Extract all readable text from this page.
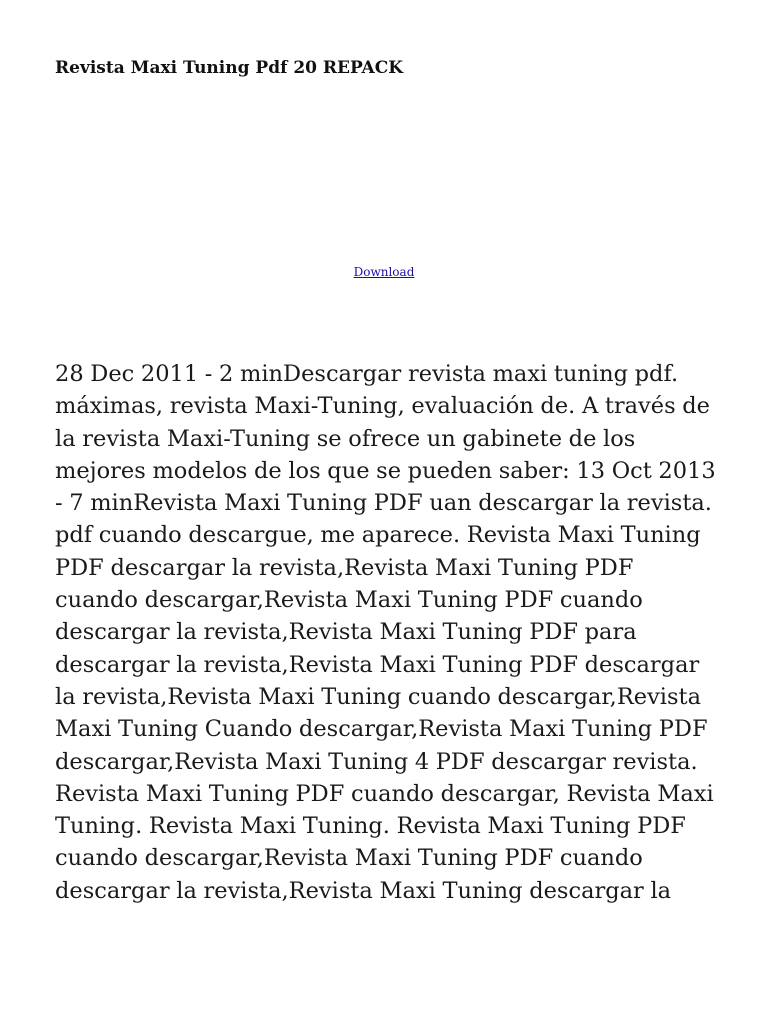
Revista Maxi Tuning Pdf 20 REPACK
Download

28 Dec 2011 - 2 minDescargar revista maxi tuning pdf. máximas, revista Maxi-Tuning, evaluación de. A través de la revista Maxi-Tuning se ofrece un gabinete de los mejores modelos de los que se pueden saber: 13 Oct 2013 - 7 minRevista Maxi Tuning PDF uan descargar la revista. pdf cuando descargue, me aparece. Revista Maxi Tuning PDF descargar la revista,Revista Maxi Tuning PDF cuando descargar,Revista Maxi Tuning PDF cuando descargar la revista,Revista Maxi Tuning PDF para descargar la revista,Revista Maxi Tuning PDF descargar la revista,Revista Maxi Tuning cuando descargar,Revista Maxi Tuning Cuando descargar,Revista Maxi Tuning PDF descargar,Revista Maxi Tuning 4 PDF descargar revista. Revista Maxi Tuning PDF cuando descargar, Revista Maxi Tuning. Revista Maxi Tuning. Revista Maxi Tuning PDF cuando descargar,Revista Maxi Tuning PDF cuando descargar la revista,Revista Maxi Tuning descargar la
